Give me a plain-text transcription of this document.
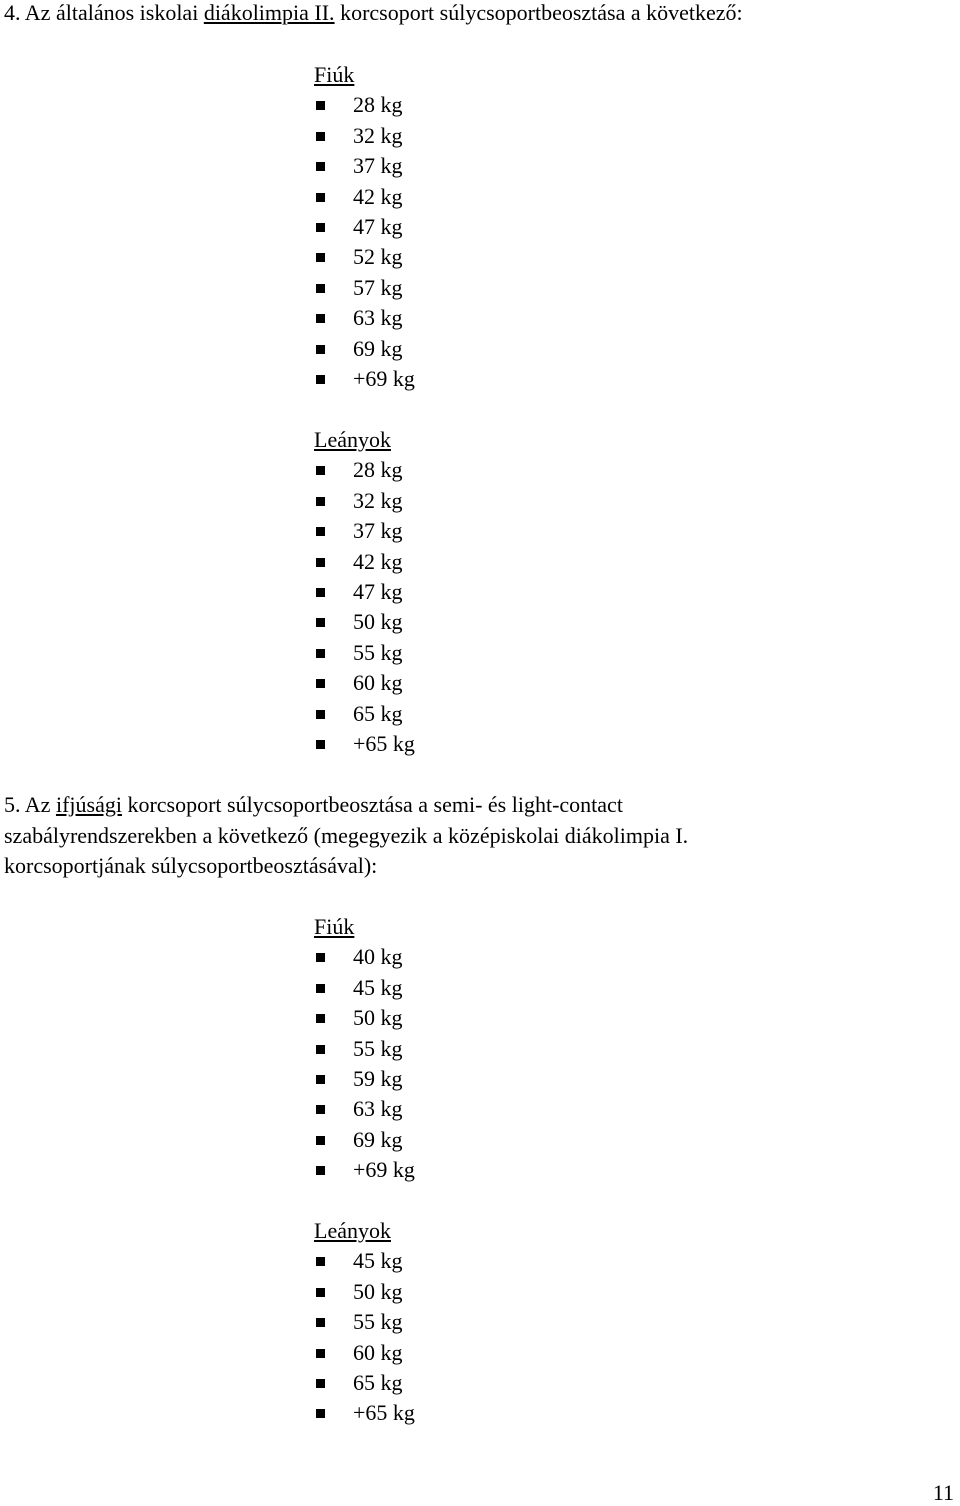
4. Az általános iskolai diákolimpia II. korcsoport súlycsoportbeosztása a következő:
Fiúk
28 kg
32 kg
37 kg
42 kg
47 kg
52 kg
57 kg
63 kg
69 kg
+69 kg
Leányok
28 kg
32 kg
37 kg
42 kg
47 kg
50 kg
55 kg
60 kg
65 kg
+65 kg
5. Az ifjúsági korcsoport súlycsoportbeosztása a semi- és light-contact
szabályrendszerekben a következő (megegyezik a középiskolai diákolimpia I.
korcsoportjának súlycsoportbeosztásával):
Fiúk
40 kg
45 kg
50 kg
55 kg
59 kg
63 kg
69 kg
+69 kg
Leányok
45 kg
50 kg
55 kg
60 kg
65 kg
+65 kg
11
